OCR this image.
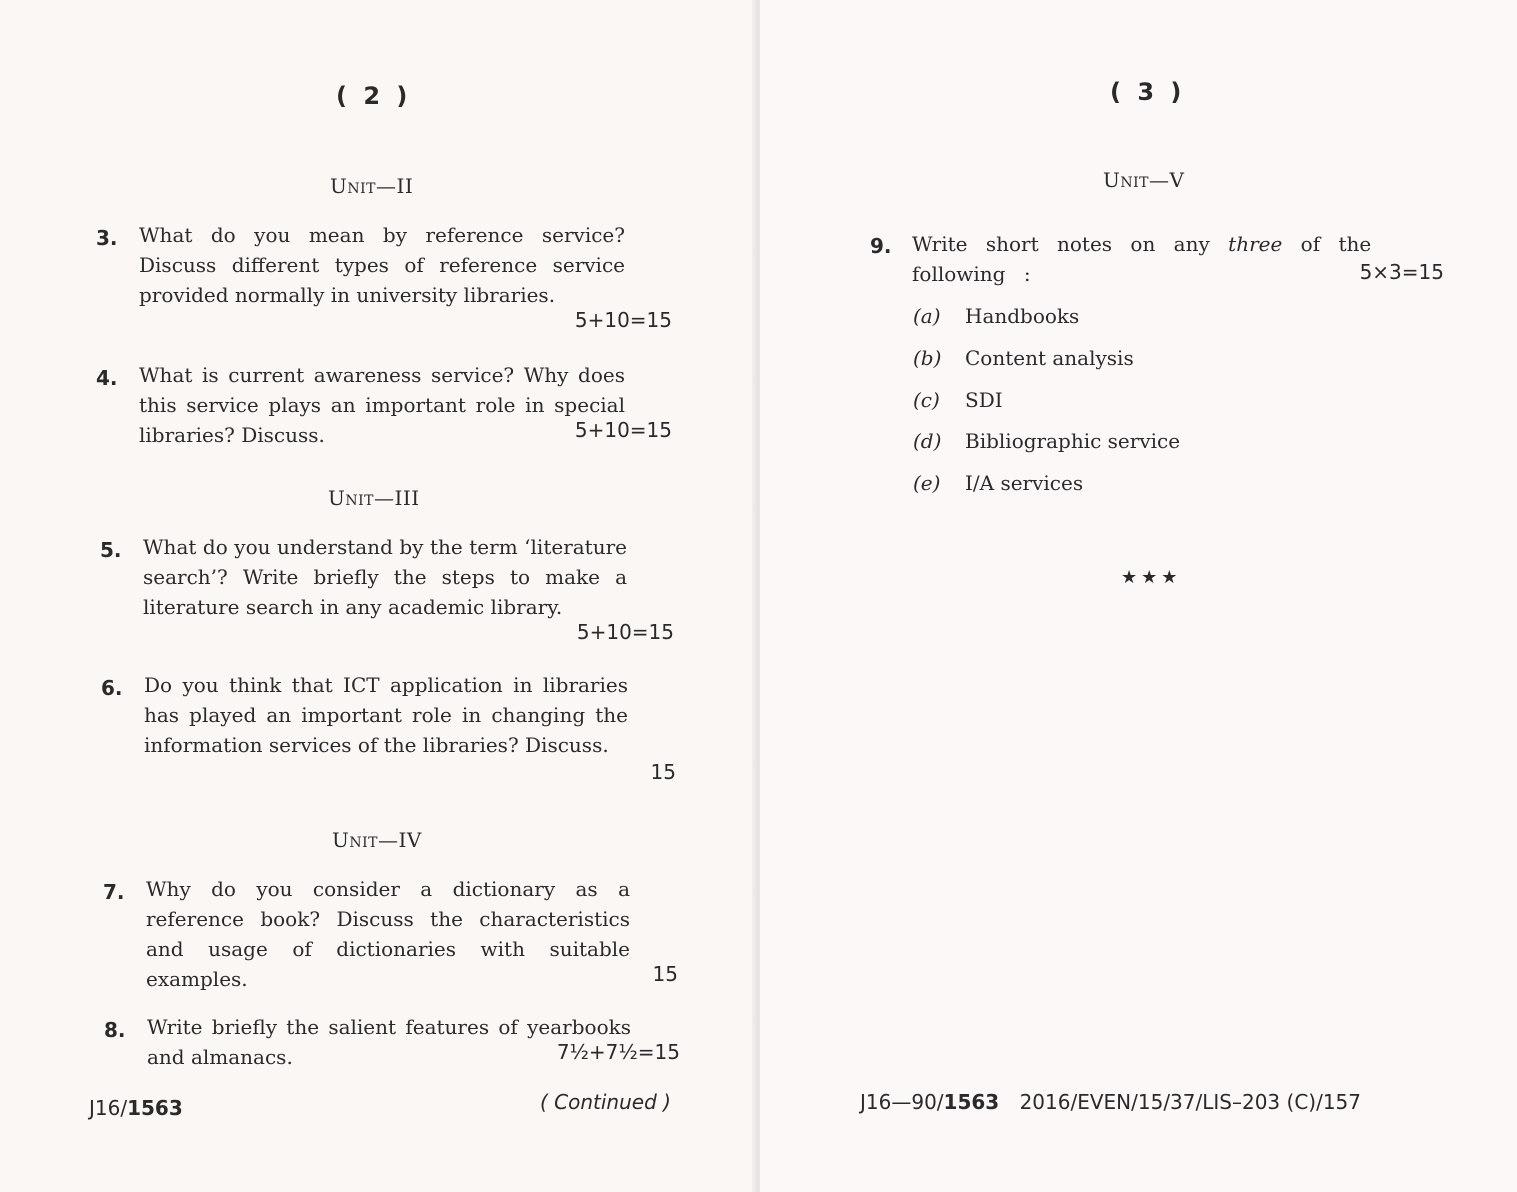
( 2 )
Unit—II
3. What do you mean by reference service? Discuss different types of reference service provided normally in university libraries.
5+10=15
4. What is current awareness service? Why does this service plays an important role in special libraries? Discuss.	5+10=15
Unit—III
5. What do you understand by the term ‘literature search’? Write briefly the steps to make a literature search in any academic library.
5+10=15
6. Do you think that ICT application in libraries has played an important role in changing the information services of the libraries? Discuss.
15
Unit—IV
7. Why do you consider a dictionary as a reference book? Discuss the characteristics and usage of dictionaries with suitable examples.	15
8. Write briefly the salient features of yearbooks and almanacs.	7½+7½=15
J16/1563	( Continued )
( 3 )
Unit—V
9. Write short notes on any three of the following :	5×3=15
(a) Handbooks
(b) Content analysis
(c) SDI
(d) Bibliographic service
(e) I/A services
★★★
J16—90/1563 2016/EVEN/15/37/LIS–203 (C)/157
